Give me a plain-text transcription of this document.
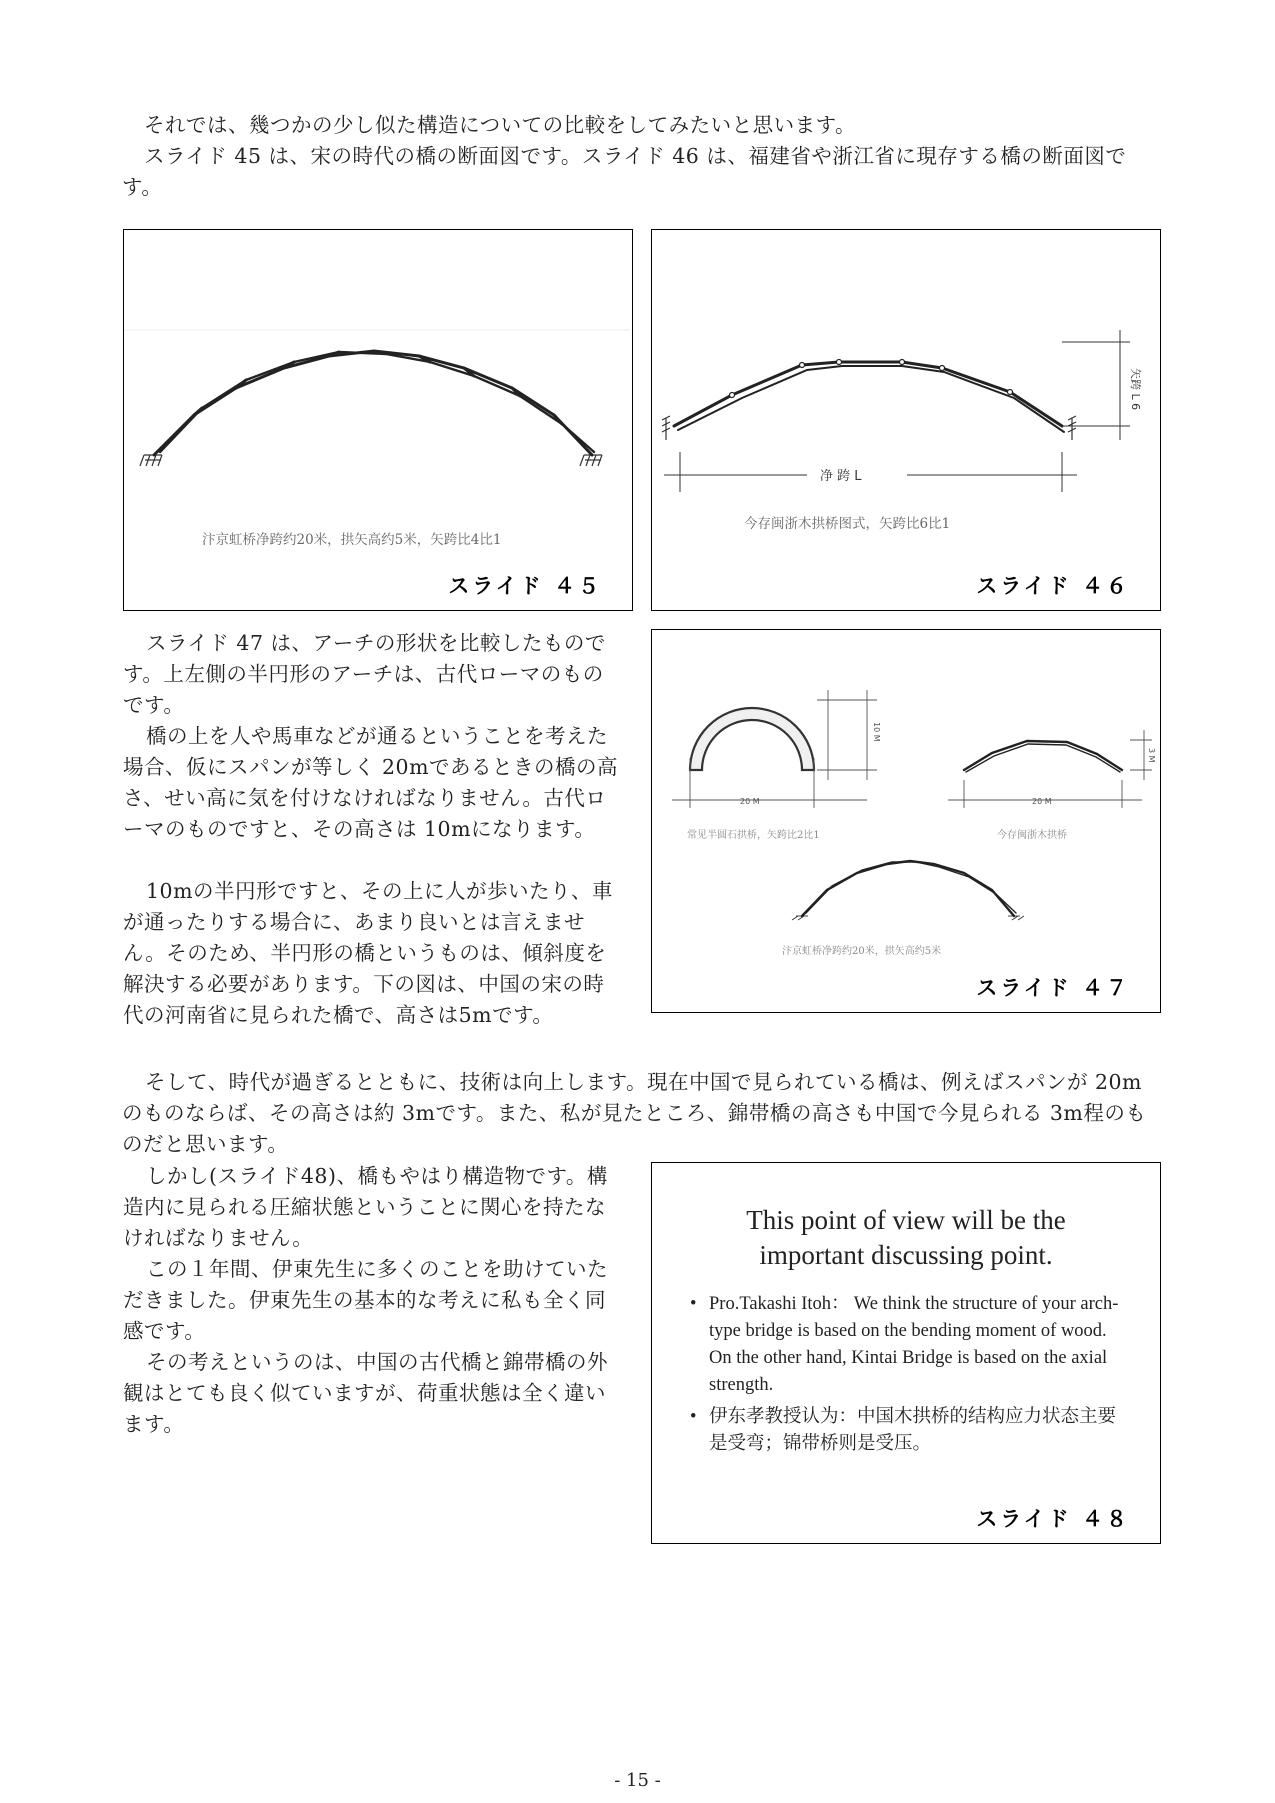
それでは、幾つかの少し似た構造についての比較をしてみたいと思います。

スライド 45 は、宋の時代の橋の断面図です。スライド 46 は、福建省や浙江省に現存する橋の断面図です。

汴京虹桥净跨约20米，拱矢高约5米，矢跨比4比1
スライド ４５
净 跨 L
矢跨 L 6
今存闽浙木拱桥图式，矢跨比6比1
スライド ４６

スライド 47 は、アーチの形状を比較したものです。上左側の半円形のアーチは、古代ローマのものです。

橋の上を人や馬車などが通るということを考えた場合、仮にスパンが等しく 20mであるときの橋の高さ、せい高に気を付けなければなりません。古代ローマのものですと、その高さは 10mになります。

10mの半円形ですと、その上に人が歩いたり、車が通ったりする場合に、あまり良いとは言えません。そのため、半円形の橋というものは、傾斜度を解決する必要があります。下の図は、中国の宋の時代の河南省に見られた橋で、高さは5mです。

20 M
10 M
20 M
3 M
常见半圆石拱桥，矢跨比2比1	今存闽浙木拱桥
汴京虹桥净跨约20米，拱矢高约5米
スライド ４７

そして、時代が過ぎるとともに、技術は向上します。現在中国で見られている橋は、例えばスパンが 20mのものならば、その高さは約 3mです。また、私が見たところ、錦帯橋の高さも中国で今見られる 3m程のものだと思います。

しかし(スライド48)、橋もやはり構造物です。構造内に見られる圧縮状態ということに関心を持たなければなりません。

この１年間、伊東先生に多くのことを助けていただきました。伊東先生の基本的な考えに私も全く同感です。

その考えというのは、中国の古代橋と錦帯橋の外観はとても良く似ていますが、荷重状態は全く違います。

This point of view will be the

important discussing point.

• Pro.Takashi Itoh： We think the structure of your arch-type bridge is based on the bending moment of wood. On the other hand, Kintai Bridge is based on the axial strength.
• 伊东孝教授认为：中国木拱桥的结构应力状态主要是受弯；锦带桥则是受压。
スライド ４８
- 15 -
